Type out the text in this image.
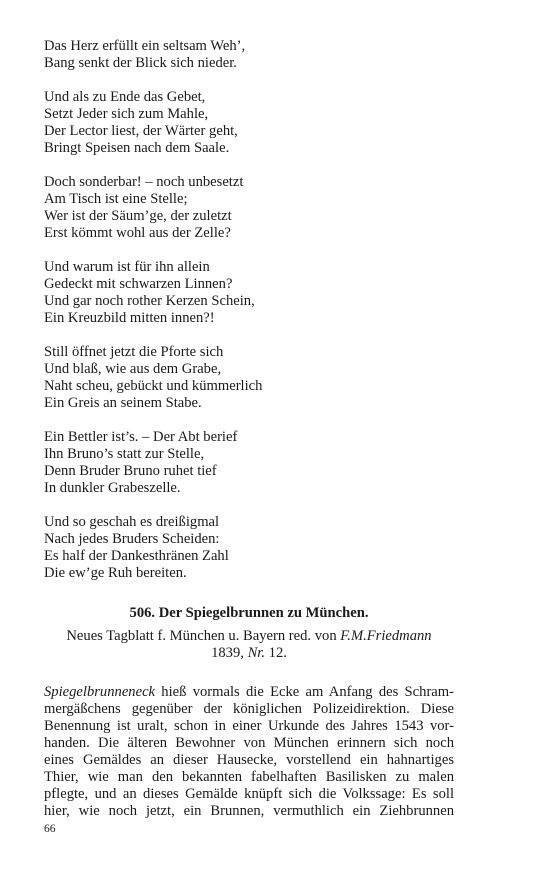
Das Herz erfüllt ein seltsam Weh’,
Bang senkt der Blick sich nieder.
Und als zu Ende das Gebet,
Setzt Jeder sich zum Mahle,
Der Lector liest, der Wärter geht,
Bringt Speisen nach dem Saale.
Doch sonderbar! – noch unbesetzt
Am Tisch ist eine Stelle;
Wer ist der Säum’ge, der zuletzt
Erst kömmt wohl aus der Zelle?
Und warum ist für ihn allein
Gedeckt mit schwarzen Linnen?
Und gar noch rother Kerzen Schein,
Ein Kreuzbild mitten innen?!
Still öffnet jetzt die Pforte sich
Und blaß, wie aus dem Grabe,
Naht scheu, gebückt und kümmerlich
Ein Greis an seinem Stabe.
Ein Bettler ist’s. – Der Abt berief
Ihn Bruno’s statt zur Stelle,
Denn Bruder Bruno ruhet tief
In dunkler Grabeszelle.
Und so geschah es dreißigmal
Nach jedes Bruders Scheiden:
Es half der Dankesthränen Zahl
Die ew’ge Ruh bereiten.
506. Der Spiegelbrunnen zu München.
Neues Tagblatt f. München u. Bayern red. von F.M.Friedmann
1839, Nr. 12.
Spiegelbrunneneck hieß vormals die Ecke am Anfang des Schram-
mergäßchens gegenüber der königlichen Polizeidirektion. Diese
Benennung ist uralt, schon in einer Urkunde des Jahres 1543 vor-
handen. Die älteren Bewohner von München erinnern sich noch
eines Gemäldes an dieser Hausecke, vorstellend ein hahnartiges
Thier, wie man den bekannten fabelhaften Basilisken zu malen
pflegte, und an dieses Gemälde knüpft sich die Volkssage: Es soll
hier, wie noch jetzt, ein Brunnen, vermuthlich ein Ziehbrunnen
66
